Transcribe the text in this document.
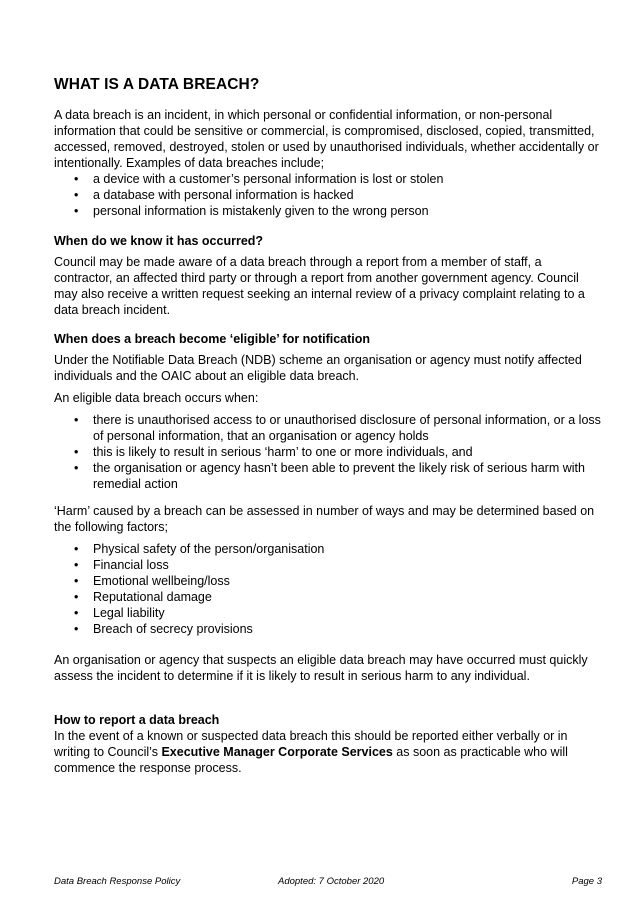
WHAT IS A DATA BREACH?

A data breach is an incident, in which personal or confidential information, or non-personal information that could be sensitive or commercial, is compromised, disclosed, copied, transmitted, accessed, removed, destroyed, stolen or used by unauthorised individuals, whether accidentally or intentionally. Examples of data breaches include;

• a device with a customer’s personal information is lost or stolen
• a database with personal information is hacked
• personal information is mistakenly given to the wrong person
When do we know it has occurred?

Council may be made aware of a data breach through a report from a member of staff, a contractor, an affected third party or through a report from another government agency. Council may also receive a written request seeking an internal review of a privacy complaint relating to a data breach incident.

When does a breach become ‘eligible’ for notification

Under the Notifiable Data Breach (NDB) scheme an organisation or agency must notify affected individuals and the OAIC about an eligible data breach.

An eligible data breach occurs when:

• there is unauthorised access to or unauthorised disclosure of personal information, or a loss of personal information, that an organisation or agency holds
• this is likely to result in serious ‘harm’ to one or more individuals, and
• the organisation or agency hasn’t been able to prevent the likely risk of serious harm with remedial action

‘Harm’ caused by a breach can be assessed in number of ways and may be determined based on the following factors;

• Physical safety of the person/organisation
• Financial loss
• Emotional wellbeing/loss
• Reputational damage
• Legal liability
• Breach of secrecy provisions

An organisation or agency that suspects an eligible data breach may have occurred must quickly assess the incident to determine if it is likely to result in serious harm to any individual.

How to report a data breach

In the event of a known or suspected data breach this should be reported either verbally or in writing to Council’s Executive Manager Corporate Services as soon as practicable who will commence the response process.

Data Breach Response Policy	Adopted: 7 October 2020	Page 3
